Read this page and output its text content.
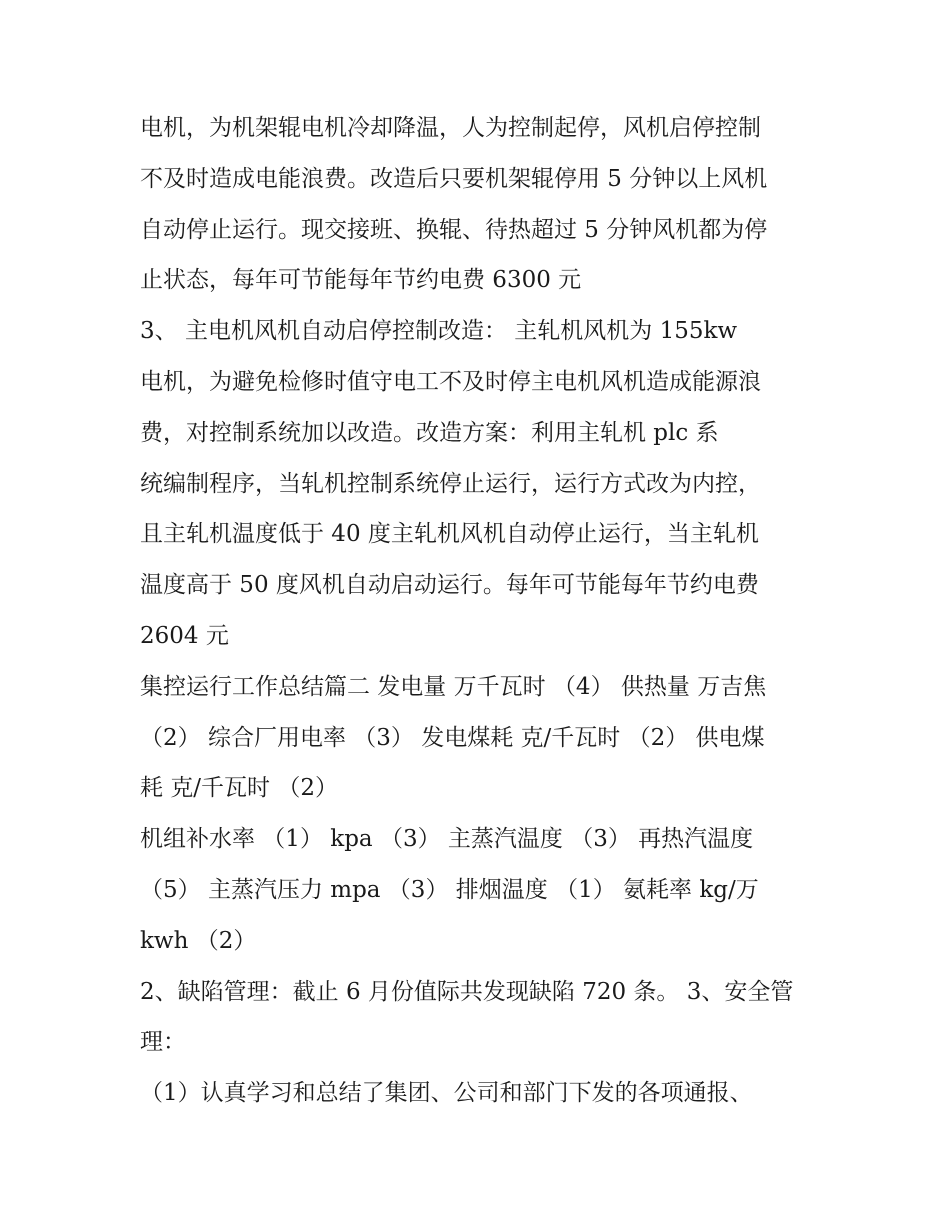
电机，为机架辊电机冷却降温，人为控制起停，风机启停控制
不及时造成电能浪费。改造后只要机架辊停用 5 分钟以上风机
自动停止运行。现交接班、换辊、待热超过 5 分钟风机都为停
止状态，每年可节能每年节约电费 6300 元
3、 主电机风机自动启停控制改造： 主轧机风机为 155kw
电机，为避免检修时值守电工不及时停主电机风机造成能源浪
费，对控制系统加以改造。改造方案：利用主轧机 plc 系
统编制程序，当轧机控制系统停止运行，运行方式改为内控，
且主轧机温度低于 40 度主轧机风机自动停止运行，当主轧机
温度高于 50 度风机自动启动运行。每年可节能每年节约电费
2604 元
集控运行工作总结篇二 发电量 万千瓦时 （4） 供热量 万吉焦
（2） 综合厂用电率 （3） 发电煤耗 克/千瓦时 （2） 供电煤
耗 克/千瓦时 （2）
机组补水率 （1） kpa （3） 主蒸汽温度 （3） 再热汽温度
（5） 主蒸汽压力 mpa （3） 排烟温度 （1） 氨耗率 kg/万
kwh （2）
2、缺陷管理：截止 6 月份值际共发现缺陷 720 条。 3、安全管
理：
（1）认真学习和总结了集团、公司和部门下发的各项通报、
